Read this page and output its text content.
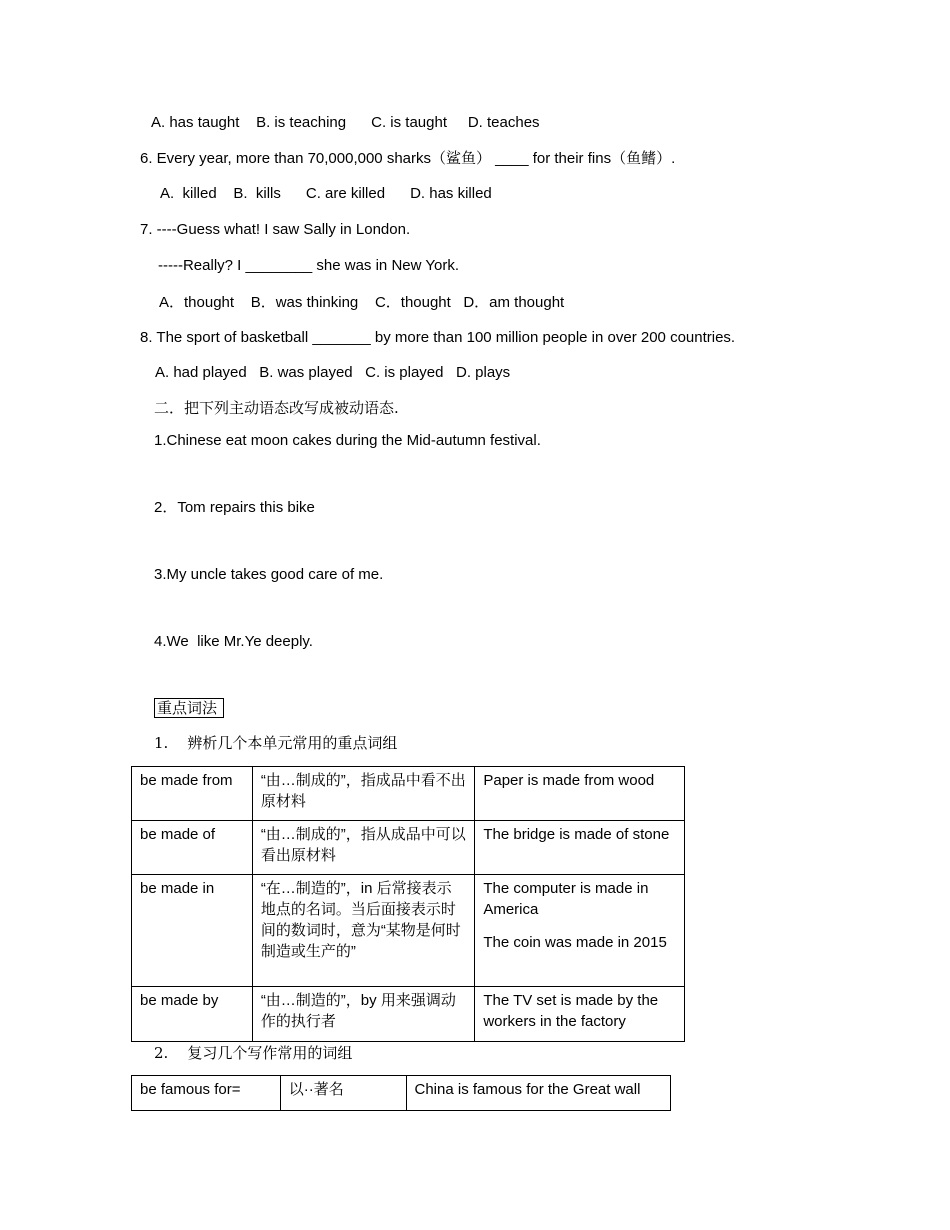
A. has taught    B. is teaching      C. is taught     D. teaches
6. Every year, more than 70,000,000 sharks（鲨鱼） ____ for their fins（鱼鳍）.
A.  killed    B.  kills      C. are killed      D. has killed
7. ----Guess what! I saw Sally in London.
-----Really? I ________ she was in New York.
A．thought    B．was thinking    C．thought   D．am thought
8. The sport of basketball _______ by more than 100 million people in over 200 countries.
A. had played   B. was played   C. is played   D. plays
二．把下列主动语态改写成被动语态.
1.Chinese eat moon cakes during the Mid-autumn festival.
2．Tom repairs this bike
3.My uncle takes good care of me.
4.We  like Mr.Ye deeply.
重点词法
1.    辨析几个本单元常用的重点词组
be made from	“由…制成的”，指成品中看不出原材料	Paper is made from wood

be made of	“由…制成的”，指从成品中可以看出原材料	The bridge is made of stone

be made in	“在…制造的”，in 后常接表示地点的名词。当后面接表示时间的数词时，意为“某物是何时制造或生产的”	The computer is made in America

The coin was made in 2015

be made by	“由…制造的”，by 用来强调动作的执行者	The TV set is made by the workers in the factory

2.    复习几个写作常用的词组
be famous for=	以··著名	China is famous for the Great wall
